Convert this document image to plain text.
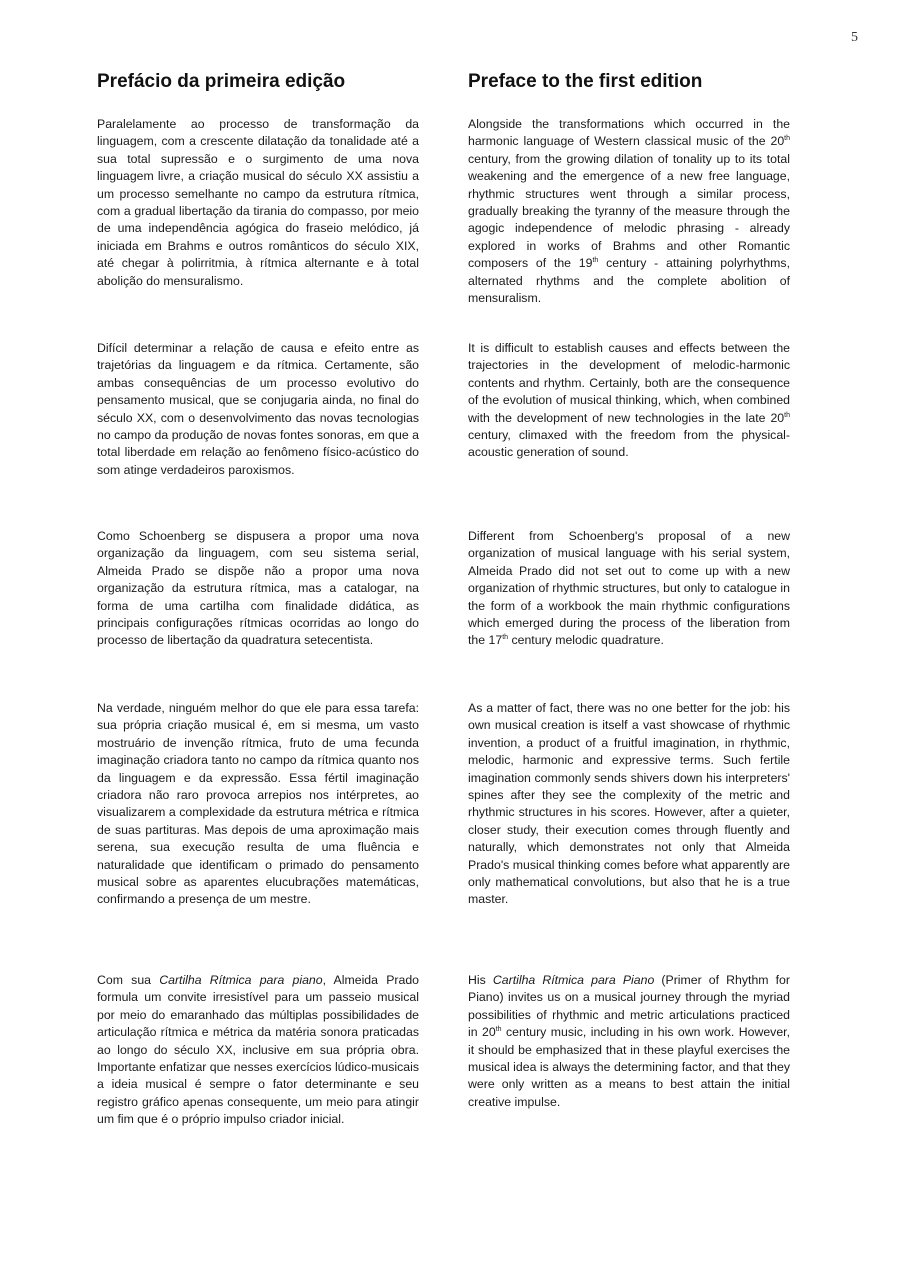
5
Prefácio da primeira edição

Paralelamente ao processo de transformação da linguagem, com a crescente dilatação da tonalidade até a sua total supressão e o surgimento de uma nova linguagem livre, a criação musical do século XX assistiu a um processo semelhante no campo da estrutura rítmica, com a gradual libertação da tirania do compasso, por meio de uma independência agógica do fraseio melódico, já iniciada em Brahms e outros românticos do século XIX, até chegar à polirritmia, à rítmica alternante e à total abolição do mensuralismo.

Difícil determinar a relação de causa e efeito entre as trajetórias da linguagem e da rítmica. Certamente, são ambas consequências de um processo evolutivo do pensamento musical, que se conjugaria ainda, no final do século XX, com o desenvolvimento das novas tecnologias no campo da produção de novas fontes sonoras, em que a total liberdade em relação ao fenômeno físico-acústico do som atinge verdadeiros paroxismos.

Como Schoenberg se dispusera a propor uma nova organização da linguagem, com seu sistema serial, Almeida Prado se dispõe não a propor uma nova organização da estrutura rítmica, mas a catalogar, na forma de uma cartilha com finalidade didática, as principais configurações rítmicas ocorridas ao longo do processo de libertação da quadratura setecentista.

Na verdade, ninguém melhor do que ele para essa tarefa: sua própria criação musical é, em si mesma, um vasto mostruário de invenção rítmica, fruto de uma fecunda imaginação criadora tanto no campo da rítmica quanto nos da linguagem e da expressão. Essa fértil imaginação criadora não raro provoca arrepios nos intérpretes, ao visualizarem a complexidade da estrutura métrica e rítmica de suas partituras. Mas depois de uma aproximação mais serena, sua execução resulta de uma fluência e naturalidade que identificam o primado do pensamento musical sobre as aparentes elucubrações matemáticas, confirmando a presença de um mestre.

Com sua Cartilha Rítmica para piano, Almeida Prado formula um convite irresistível para um passeio musical por meio do emaranhado das múltiplas possibilidades de articulação rítmica e métrica da matéria sonora praticadas ao longo do século XX, inclusive em sua própria obra. Importante enfatizar que nesses exercícios lúdico-musicais a ideia musical é sempre o fator determinante e seu registro gráfico apenas consequente, um meio para atingir um fim que é o próprio impulso criador inicial.

Preface to the first edition

Alongside the transformations which occurred in the harmonic language of Western classical music of the 20th century, from the growing dilation of tonality up to its total weakening and the emergence of a new free language, rhythmic structures went through a similar process, gradually breaking the tyranny of the measure through the agogic independence of melodic phrasing - already explored in works of Brahms and other Romantic composers of the 19th century - attaining polyrhythms, alternated rhythms and the complete abolition of mensuralism.

It is difficult to establish causes and effects between the trajectories in the development of melodic-harmonic contents and rhythm. Certainly, both are the consequence of the evolution of musical thinking, which, when combined with the development of new technologies in the late 20th century, climaxed with the freedom from the physical-acoustic generation of sound.

Different from Schoenberg's proposal of a new organization of musical language with his serial system, Almeida Prado did not set out to come up with a new organization of rhythmic structures, but only to catalogue in the form of a workbook the main rhythmic configurations which emerged during the process of the liberation from the 17th century melodic quadrature.

As a matter of fact, there was no one better for the job: his own musical creation is itself a vast showcase of rhythmic invention, a product of a fruitful imagination, in rhythmic, melodic, harmonic and expressive terms. Such fertile imagination commonly sends shivers down his interpreters' spines after they see the complexity of the metric and rhythmic structures in his scores. However, after a quieter, closer study, their execution comes through fluently and naturally, which demonstrates not only that Almeida Prado's musical thinking comes before what apparently are only mathematical convolutions, but also that he is a true master.

His Cartilha Rítmica para Piano (Primer of Rhythm for Piano) invites us on a musical journey through the myriad possibilities of rhythmic and metric articulations practiced in 20th century music, including in his own work. However, it should be emphasized that in these playful exercises the musical idea is always the determining factor, and that they were only written as a means to best attain the initial creative impulse.
